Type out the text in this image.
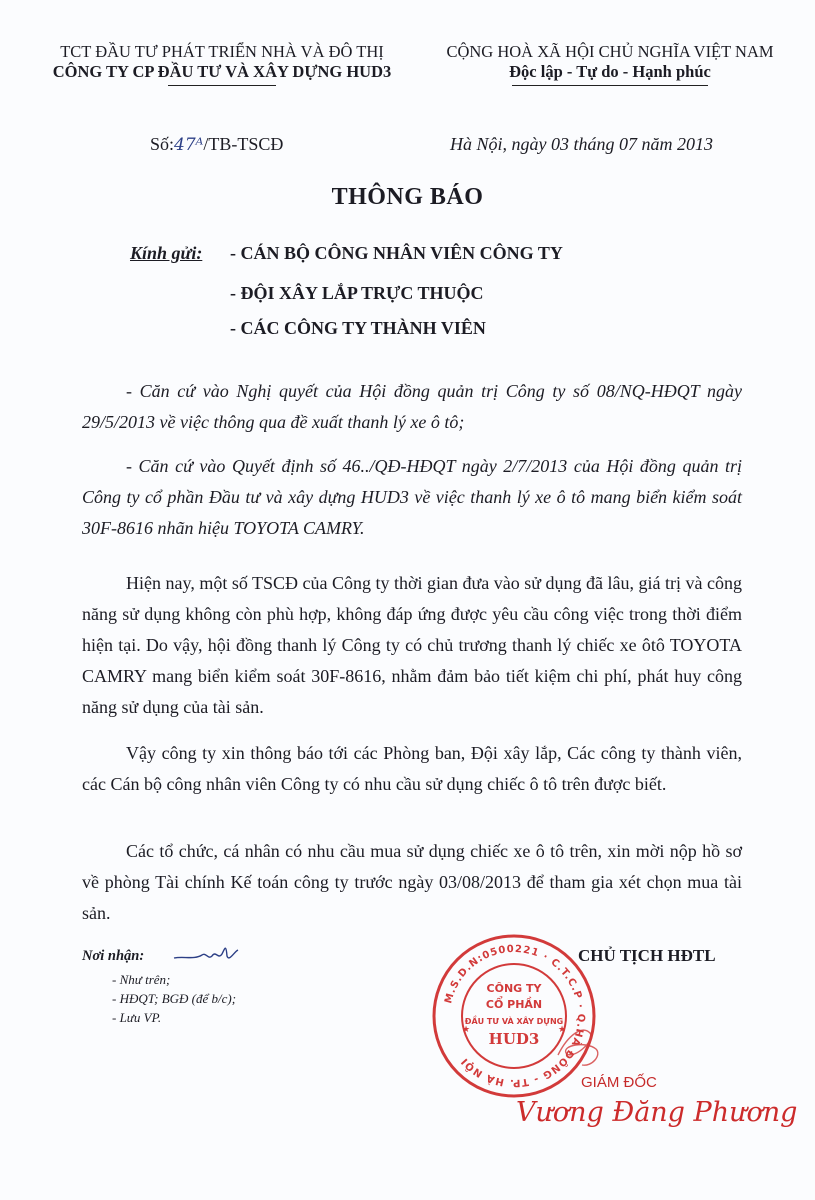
TCT ĐẦU TƯ PHÁT TRIỂN NHÀ VÀ ĐÔ THỊ
CÔNG TY CP ĐẦU TƯ VÀ XÂY DỰNG HUD3
CỘNG HOÀ XÃ HỘI CHỦ NGHĨA VIỆT NAM
Độc lập - Tự do - Hạnh phúc
Số:47ᴬ/TB-TSCĐ	Hà Nội, ngày 03 tháng 07 năm 2013
THÔNG BÁO
Kính gửi: - CÁN BỘ CÔNG NHÂN VIÊN CÔNG TY
- ĐỘI XÂY LẮP TRỰC THUỘC
- CÁC CÔNG TY THÀNH VIÊN
- Căn cứ vào Nghị quyết của Hội đồng quản trị Công ty số 08/NQ-HĐQT ngày 29/5/2013 về việc thông qua đề xuất thanh lý xe ô tô;
- Căn cứ vào Quyết định số 46../QĐ-HĐQT ngày 2/7/2013 của Hội đồng quản trị Công ty cổ phần Đầu tư và xây dựng HUD3 về việc thanh lý xe ô tô mang biển kiểm soát 30F-8616 nhãn hiệu TOYOTA CAMRY.
Hiện nay, một số TSCĐ của Công ty thời gian đưa vào sử dụng đã lâu, giá trị và công năng sử dụng không còn phù hợp, không đáp ứng được yêu cầu công việc trong thời điểm hiện tại. Do vậy, hội đồng thanh lý Công ty có chủ trương thanh lý chiếc xe ôtô TOYOTA CAMRY mang biển kiểm soát 30F-8616, nhằm đảm bảo tiết kiệm chi phí, phát huy công năng sử dụng của tài sản.
Vậy công ty xin thông báo tới các Phòng ban, Đội xây lắp, Các công ty thành viên, các Cán bộ công nhân viên Công ty có nhu cầu sử dụng chiếc ô tô trên được biết.
Các tổ chức, cá nhân có nhu cầu mua sử dụng chiếc xe ô tô trên, xin mời nộp hồ sơ về phòng Tài chính Kế toán công ty trước ngày 03/08/2013 để tham gia xét chọn mua tài sản.
Nơi nhận:
- Như trên;
- HĐQT; BGĐ (để b/c);
- Lưu VP.
CHỦ TỊCH HĐTL
M.S.D.N:0500221 · C.T.C.P · Q.HÀ ĐÔNG - TP. HÀ NỘI
CÔNG TY
CỔ PHẦN
ĐẦU TƯ VÀ XÂY DỰNG
HUD3
★	★
GIÁM ĐỐC
Vương Đăng Phương
